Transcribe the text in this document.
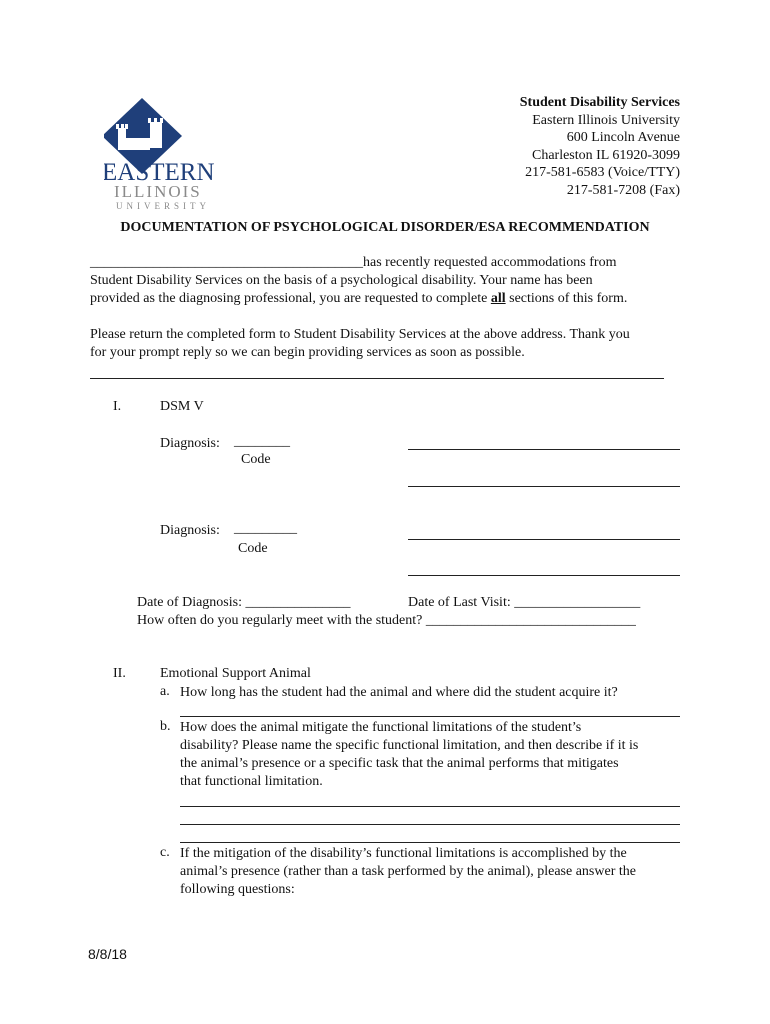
EASTERN
ILLINOIS
UNIVERSITY
Student Disability Services
Eastern Illinois University
600 Lincoln Avenue
Charleston IL 61920-3099
217-581-6583 (Voice/TTY)
217-581-7208 (Fax)
DOCUMENTATION OF PSYCHOLOGICAL DISORDER/ESA RECOMMENDATION
_______________________________________has recently requested accommodations from
Student Disability Services on the basis of a psychological disability. Your name has been
provided as the diagnosing professional, you are requested to complete all sections of this form.
Please return the completed form to Student Disability Services at the above address. Thank you
for your prompt reply so we can begin providing services as soon as possible.
I.	DSM V
Diagnosis: ________
Code
Diagnosis: _________
Code
Date of Diagnosis: _______________	Date of Last Visit: __________________
How often do you regularly meet with the student? ______________________________
II. Emotional Support Animal
a. How long has the student had the animal and where did the student acquire it?
b. How does the animal mitigate the functional limitations of the student’s
disability? Please name the specific functional limitation, and then describe if it is
the animal’s presence or a specific task that the animal performs that mitigates
that functional limitation.
c. If the mitigation of the disability’s functional limitations is accomplished by the
animal’s presence (rather than a task performed by the animal), please answer the
following questions:
8/8/18
